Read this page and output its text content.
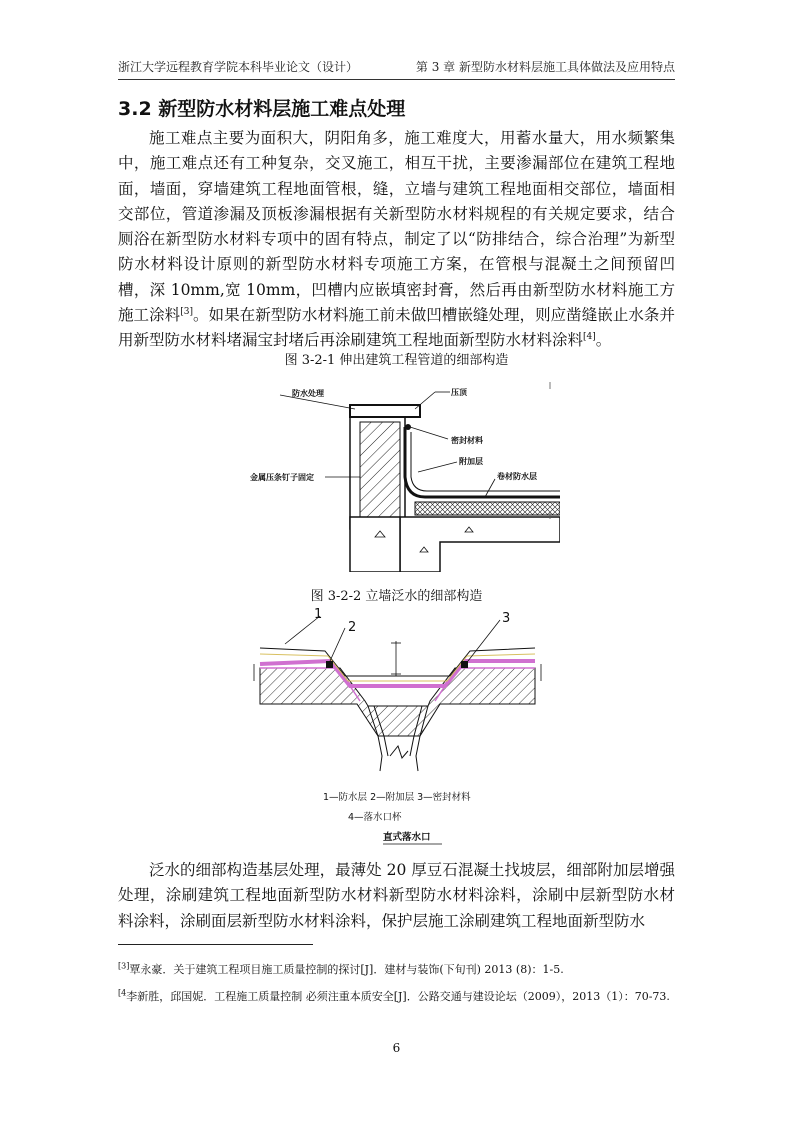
浙江大学远程教育学院本科毕业论文（设计）	第 3 章 新型防水材料层施工具体做法及应用特点
3.2 新型防水材料层施工难点处理

施工难点主要为面积大，阴阳角多，施工难度大，用蓄水量大，用水频繁集中，施工难点还有工种复杂，交叉施工，相互干扰，主要渗漏部位在建筑工程地面，墙面，穿墙建筑工程地面管根，缝，立墙与建筑工程地面相交部位，墙面相交部位，管道渗漏及顶板渗漏根据有关新型防水材料规程的有关规定要求，结合厕浴在新型防水材料专项中的固有特点，制定了以“防排结合，综合治理”为新型防水材料设计原则的新型防水材料专项施工方案，在管根与混凝土之间预留凹槽，深 10mm,宽 10mm，凹槽内应嵌填密封膏，然后再由新型防水材料施工方施工涂料[3]。如果在新型防水材料施工前未做凹槽嵌缝处理，则应凿缝嵌止水条并用新型防水材料堵漏宝封堵后再涂刷建筑工程地面新型防水材料涂料[4]。

图 3-2-1 伸出建筑工程管道的细部构造
防水处理	压顶
密封材料
附加层
金属压条钉子固定	卷材防水层
图 3-2-2 立墙泛水的细部构造
1
2
3
1—防水层 2—附加层 3—密封材料
4—落水口杯
直式落水口

泛水的细部构造基层处理，最薄处 20 厚豆石混凝土找坡层，细部附加层增强处理，涂刷建筑工程地面新型防水材料新型防水材料涂料，涂刷中层新型防水材料涂料，涂刷面层新型防水材料涂料，保护层施工涂刷建筑工程地面新型防水

[3]覃永豪．关于建筑工程项目施工质量控制的探讨[J]．建材与装饰(下旬刊) 2013 (8)：1-5.

$^{[4}$李新胜，邱国妮．工程施工质量控制 必须注重本质安全[J]．公路交通与建设论坛（2009），2013（1）：70-73.

6
